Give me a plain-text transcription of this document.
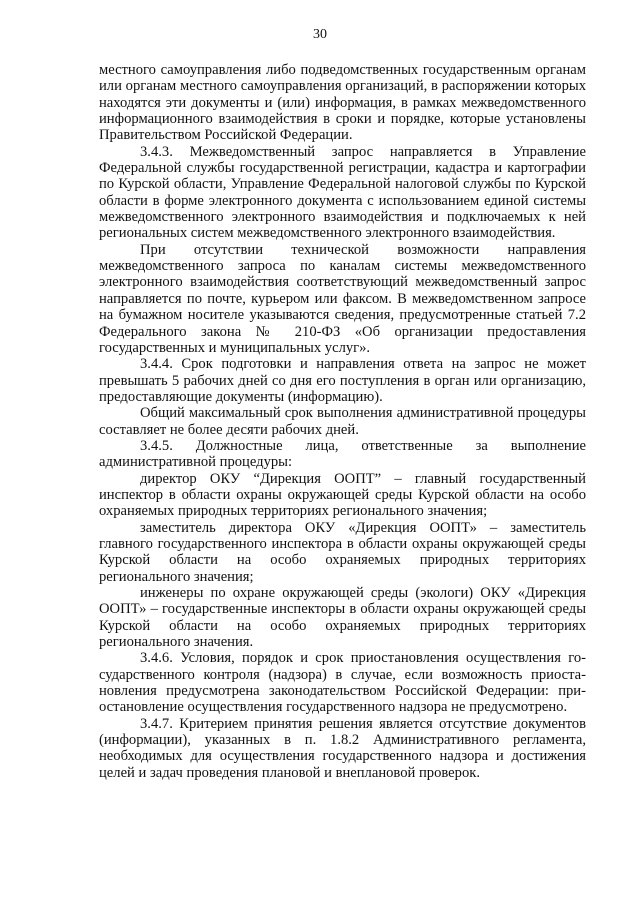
30

местного самоуправления либо подведомственных государственным органам или органам местного самоуправления организаций, в распоряжении которых находятся эти документы и (или) информация, в рамках межведомственного информационного взаимодействия в сроки и порядке, которые установлены Правительством Российской Федерации.

3.4.3. Межведомственный запрос направляется в Управление Федеральной службы государственной регистрации, кадастра и картографии по Курской области, Управление Федеральной налоговой службы по Курской области в форме электронного документа с использованием единой системы межведомственного электронного взаимодействия и подключаемых к ней региональных систем межведомственного электронного взаимодействия.

При отсутствии технической возможности направления межведомственного запроса по каналам системы межведомственного электронного взаимодействия соответствующий межведомственный запрос направляется по почте, курьером или факсом. В межведомственном запросе на бумажном носителе указываются сведения, предусмотренные статьей 7.2 Федерального закона № 210-ФЗ «Об организации предоставления государственных и муниципальных услуг».

3.4.4. Срок подготовки и направления ответа на запрос не может превышать 5 рабочих дней со дня его поступления в орган или организацию, предоставляющие документы (информацию).

Общий максимальный срок выполнения административной процедуры составляет не более десяти рабочих дней.

3.4.5. Должностные лица, ответственные за выполнение административной процедуры:

директор ОКУ “Дирекция ООПТ” – главный государственный инспектор в области охраны окружающей среды Курской области на особо охраняемых природных территориях регионального значения;

заместитель директора ОКУ «Дирекция ООПТ» – заместитель главного государственного инспектора в области охраны окружающей среды Курской области на особо охраняемых природных территориях регионального значения;

инженеры по охране окружающей среды (экологи) ОКУ «Дирекция ООПТ» – государственные инспекторы в области охраны окружающей среды Курской области на особо охраняемых природных территориях регионального значения.

3.4.6. Условия, порядок и срок приостановления осуществления государственного контроля (надзора) в случае, если возможность приостановления предусмотрена законодательством Российской Федерации: приостановление осуществления государственного надзора не предусмотрено.

3.4.7. Критерием принятия решения является отсутствие документов (информации), указанных в п. 1.8.2 Административного регламента, необходимых для осуществления государственного надзора и достижения целей и задач проведения плановой и внеплановой проверок.
